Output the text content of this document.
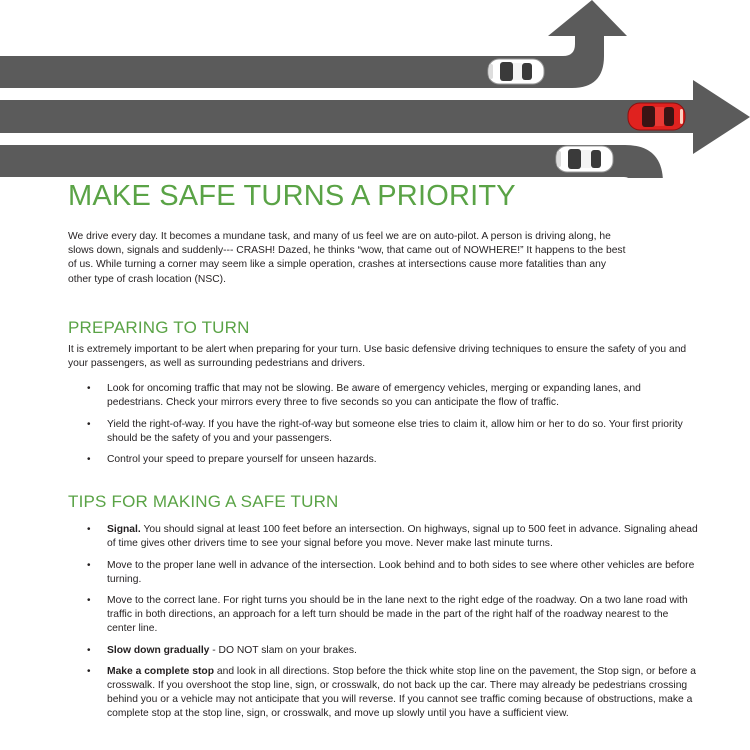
MAKE SAFE TURNS A PRIORITY

We drive every day. It becomes a mundane task, and many of us feel we are on auto-pilot. A person is driving along, he slows down, signals and suddenly--- CRASH! Dazed, he thinks “wow, that came out of NOWHERE!” It happens to the best of us. While turning a corner may seem like a simple operation, crashes at intersections cause more fatalities than any other type of crash location (NSC).

PREPARING TO TURN

It is extremely important to be alert when preparing for your turn. Use basic defensive driving techniques to ensure the safety of you and your passengers, as well as surrounding pedestrians and drivers.

• Look for oncoming traffic that may not be slowing. Be aware of emergency vehicles, merging or expanding lanes, and pedestrians. Check your mirrors every three to five seconds so you can anticipate the flow of traffic.
• Yield the right-of-way. If you have the right-of-way but someone else tries to claim it, allow him or her to do so. Your first priority should be the safety of you and your passengers.
• Control your speed to prepare yourself for unseen hazards.
TIPS FOR MAKING A SAFE TURN
• Signal. You should signal at least 100 feet before an intersection. On highways, signal up to 500 feet in advance. Signaling ahead of time gives other drivers time to see your signal before you move. Never make last minute turns.
• Move to the proper lane well in advance of the intersection. Look behind and to both sides to see where other vehicles are before turning.
• Move to the correct lane. For right turns you should be in the lane next to the right edge of the roadway. On a two lane road with traffic in both directions, an approach for a left turn should be made in the part of the right half of the roadway nearest to the center line.
• Slow down gradually - DO NOT slam on your brakes.
• Make a complete stop and look in all directions. Stop before the thick white stop line on the pavement, the Stop sign, or before a crosswalk. If you overshoot the stop line, sign, or crosswalk, do not back up the car. There may already be pedestrians crossing behind you or a vehicle may not anticipate that you will reverse. If you cannot see traffic coming because of obstructions, make a complete stop at the stop line, sign, or crosswalk, and move up slowly until you have a sufficient view.
